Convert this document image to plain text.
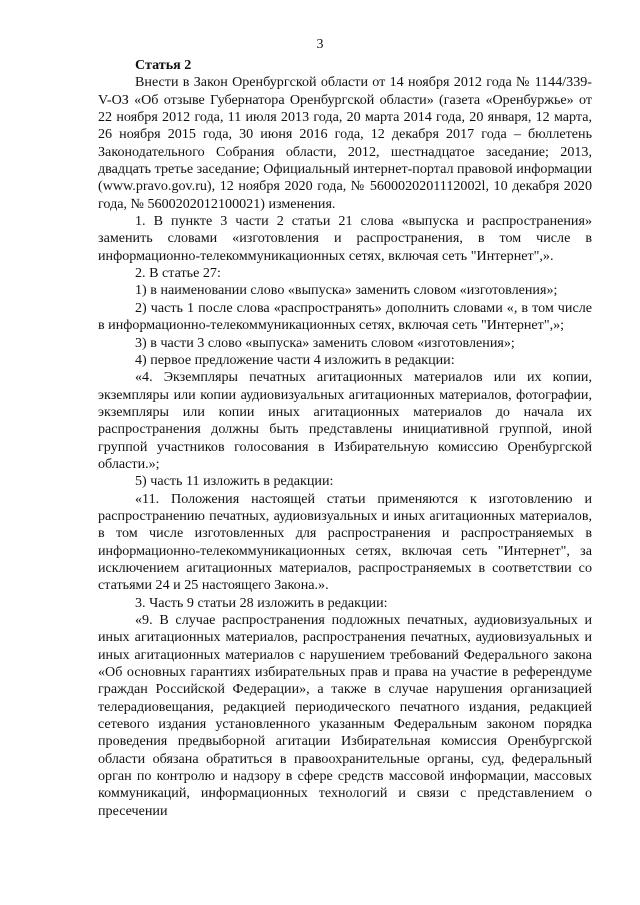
3

Статья 2

Внести в Закон Оренбургской области от 14 ноября 2012 года № 1144/339-V-ОЗ «Об отзыве Губернатора Оренбургской области» (газета «Оренбуржье» от 22 ноября 2012 года, 11 июля 2013 года, 20 марта 2014 года, 20 января, 12 марта, 26 ноября 2015 года, 30 июня 2016 года, 12 декабря 2017 года – бюллетень Законодательного Собрания области, 2012, шестнадцатое заседание; 2013, двадцать третье заседание; Официальный интернет-портал правовой информации (www.pravo.gov.ru), 12 ноября 2020 года, № 5600020201112002l, 10 декабря 2020 года, № 5600202012100021) изменения.

1. В пункте 3 части 2 статьи 21 слова «выпуска и распространения» заменить словами «изготовления и распространения, в том числе в информационно-телекоммуникационных сетях, включая сеть "Интернет",».

2. В статье 27:

1) в наименовании слово «выпуска» заменить словом «изготовления»;

2) часть 1 после слова «распространять» дополнить словами «, в том числе в информационно-телекоммуникационных сетях, включая сеть "Интернет",»;

3) в части 3 слово «выпуска» заменить словом «изготовления»;

4) первое предложение части 4 изложить в редакции:

«4. Экземпляры печатных агитационных материалов или их копии, экземпляры или копии аудиовизуальных агитационных материалов, фотографии, экземпляры или копии иных агитационных материалов до начала их распространения должны быть представлены инициативной группой, иной группой участников голосования в Избирательную комиссию Оренбургской области.»;

5) часть 11 изложить в редакции:

«11. Положения настоящей статьи применяются к изготовлению и распространению печатных, аудиовизуальных и иных агитационных материалов, в том числе изготовленных для распространения и распространяемых в информационно-телекоммуникационных сетях, включая сеть "Интернет", за исключением агитационных материалов, распространяемых в соответствии со статьями 24 и 25 настоящего Закона.».

3. Часть 9 статьи 28 изложить в редакции:

«9. В случае распространения подложных печатных, аудиовизуальных и иных агитационных материалов, распространения печатных, аудиовизуальных и иных агитационных материалов с нарушением требований Федерального закона «Об основных гарантиях избирательных прав и права на участие в референдуме граждан Российской Федерации», а также в случае нарушения организацией телерадиовещания, редакцией периодического печатного издания, редакцией сетевого издания установленного указанным Федеральным законом порядка проведения предвыборной агитации Избирательная комиссия Оренбургской области обязана обратиться в правоохранительные органы, суд, федеральный орган по контролю и надзору в сфере средств массовой информации, массовых коммуникаций, информационных технологий и связи с представлением о пресечении
